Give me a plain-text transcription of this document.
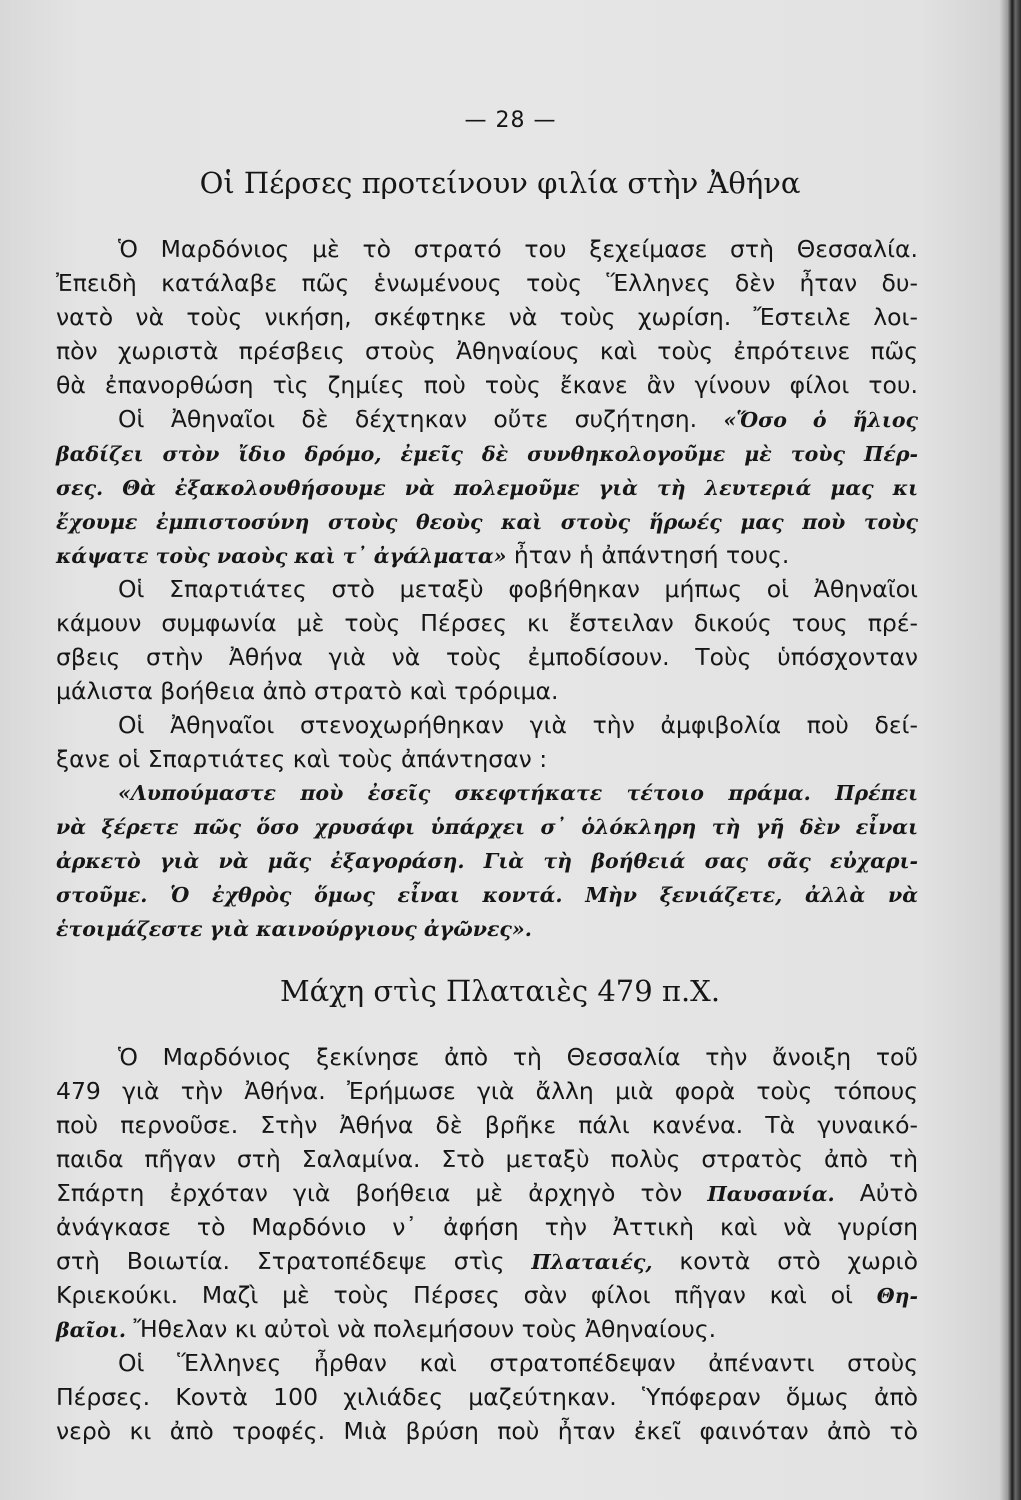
— 28 —
Οἱ Πέρσες προτείνουν φιλία στὴν Ἀθήνα
Ὁ Μαρδόνιος μὲ τὸ στρατό του ξεχείμασε στὴ Θεσσαλία.
Ἐπειδὴ κατάλαβε πῶς ἑνωμένους τοὺς Ἕλληνες δὲν ἦταν δυ-
νατὸ νὰ τοὺς νικήση, σκέφτηκε νὰ τοὺς χωρίση. Ἔστειλε λοι-
πὸν χωριστὰ πρέσβεις στοὺς Ἀθηναίους καὶ τοὺς ἐπρότεινε πῶς
θὰ ἐπανορθώση τὶς ζημίες ποὺ τοὺς ἔκανε ἂν γίνουν φίλοι του.
Οἱ Ἀθηναῖοι δὲ δέχτηκαν οὔτε συζήτηση. «Ὅσο ὁ ἥλιος
βαδίζει στὸν ἴδιο δρόμο, ἐμεῖς δὲ συνθηκολογοῦμε μὲ τοὺς Πέρ-
σες. Θὰ ἐξακολουθήσουμε νὰ πολεμοῦμε γιὰ τὴ λευτεριά μας κι
ἔχουμε ἐμπιστοσύνη στοὺς θεοὺς καὶ στοὺς ἥρωές μας ποὺ τοὺς
κάψατε τοὺς ναοὺς καὶ τ᾿ ἀγάλματα» ἦταν ἡ ἀπάντησή τους.
Οἱ Σπαρτιάτες στὸ μεταξὺ φοβήθηκαν μήπως οἱ Ἀθηναῖοι
κάμουν συμφωνία μὲ τοὺς Πέρσες κι ἔστειλαν δικούς τους πρέ-
σβεις στὴν Ἀθήνα γιὰ νὰ τοὺς ἐμποδίσουν. Τοὺς ὑπόσχονταν
μάλιστα βοήθεια ἀπὸ στρατὸ καὶ τρόριμα.
Οἱ Ἀθηναῖοι στενοχωρήθηκαν γιὰ τὴν ἀμφιβολία ποὺ δεί-
ξανε οἱ Σπαρτιάτες καὶ τοὺς ἀπάντησαν :
«Λυπούμαστε ποὺ ἐσεῖς σκεφτήκατε τέτοιο πράμα. Πρέπει
νὰ ξέρετε πῶς ὅσο χρυσάφι ὑπάρχει σ᾿ ὁλόκληρη τὴ γῆ δὲν εἶναι
ἀρκετὸ γιὰ νὰ μᾶς ἐξαγοράση. Γιὰ τὴ βοήθειά σας σᾶς εὐχαρι-
στοῦμε. Ὁ ἐχθρὸς ὅμως εἶναι κοντά. Μὴν ξενιάζετε, ἀλλὰ νὰ
ἑτοιμάζεστε γιὰ καινούργιους ἀγῶνες».
Μάχη στὶς Πλαταιὲς 479 π.Χ.
Ὁ Μαρδόνιος ξεκίνησε ἀπὸ τὴ Θεσσαλία τὴν ἄνοιξη τοῦ
479 γιὰ τὴν Ἀθήνα. Ἐρήμωσε γιὰ ἄλλη μιὰ φορὰ τοὺς τόπους
ποὺ περνοῦσε. Στὴν Ἀθήνα δὲ βρῆκε πάλι κανένα. Τὰ γυναικό-
παιδα πῆγαν στὴ Σαλαμίνα. Στὸ μεταξὺ πολὺς στρατὸς ἀπὸ τὴ
Σπάρτη ἐρχόταν γιὰ βοήθεια μὲ ἀρχηγὸ τὸν Παυσανία. Αὐτὸ
ἀνάγκασε τὸ Μαρδόνιο ν᾿ ἀφήση τὴν Ἀττικὴ καὶ νὰ γυρίση
στὴ Βοιωτία. Στρατοπέδεψε στὶς Πλαταιές, κοντὰ στὸ χωριὸ
Κριεκούκι. Μαζὶ μὲ τοὺς Πέρσες σὰν φίλοι πῆγαν καὶ οἱ Θη-
βαῖοι. Ἤθελαν κι αὐτοὶ νὰ πολεμήσουν τοὺς Ἀθηναίους.
Οἱ Ἕλληνες ἦρθαν καὶ στρατοπέδεψαν ἀπέναντι στοὺς
Πέρσες. Κοντὰ 100 χιλιάδες μαζεύτηκαν. Ὑπόφεραν ὅμως ἀπὸ
νερὸ κι ἀπὸ τροφές. Μιὰ βρύση ποὺ ἦταν ἐκεῖ φαινόταν ἀπὸ τὸ
